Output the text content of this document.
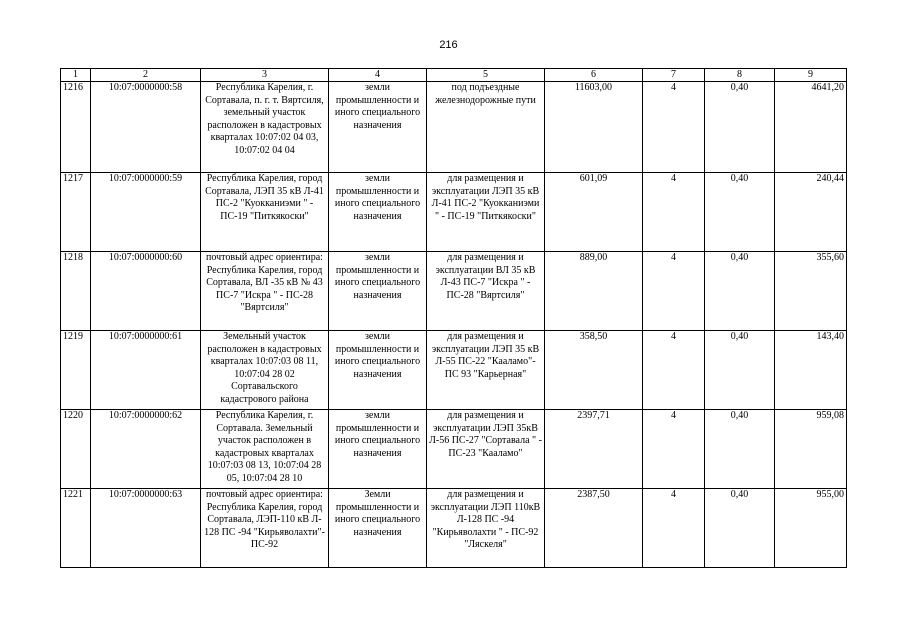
216
1	2	3	4	5	6	7	8	9
1216	10:07:0000000:58	Республика Карелия, г. Сортавала, п. г. т. Вяртсиля, земельный участок расположен в кадастровых кварталах 10:07:02 04 03, 10:07:02 04 04	земли промышленности и иного специального назначения	под подъездные железнодорожные пути	11603,00	4	0,40	4641,20
1217	10:07:0000000:59	Республика Карелия, город Сортавала, ЛЭП 35 кВ Л-41 ПС-2 "Куокканиэми " - ПС-19 "Питкякоски"	земли промышленности и иного специального назначения	для размещения и эксплуатации ЛЭП 35 кВ Л-41 ПС-2 "Куокканиэми " - ПС-19 "Питкякоски"	601,09	4	0,40	240,44
1218	10:07:0000000:60	почтовый адрес ориентира: Республика Карелия, город Сортавала, ВЛ -35 кВ № 43 ПС-7 "Искра " - ПС-28 "Вяртсиля"	земли промышленности и иного специального назначения	для размещения и эксплуатации ВЛ 35 кВ Л-43 ПС-7 "Искра " - ПС-28 "Вяртсиля"	889,00	4	0,40	355,60
1219	10:07:0000000:61	Земельный участок расположен в кадастровых кварталах 10:07:03 08 11, 10:07:04 28 02 Сортавальского кадастрового района	земли промышленности и иного специального назначения	для размещения и эксплуатации ЛЭП 35 кВ Л-55 ПС-22 "Кааламо"- ПС 93 "Карьерная"	358,50	4	0,40	143,40
1220	10:07:0000000:62	Республика Карелия, г. Сортавала. Земельный участок расположен в кадастровых кварталах 10:07:03 08 13, 10:07:04 28 05, 10:07:04 28 10	земли промышленности и иного специального назначения	для размещения и эксплуатации ЛЭП 35кВ Л-56 ПС-27 "Сортавала " - ПС-23 "Кааламо"	2397,71	4	0,40	959,08
1221	10:07:0000000:63	почтовый адрес ориентира: Республика Карелия, город Сортавала, ЛЭП-110 кВ Л- 128 ПС -94 "Кирьяволахти"-ПС-92	Земли промышленности и иного специального назначения	для размещения и эксплуатации ЛЭП 110кВ Л-128 ПС -94 "Кирьяволахти " - ПС-92 "Ляскеля"	2387,50	4	0,40	955,00
